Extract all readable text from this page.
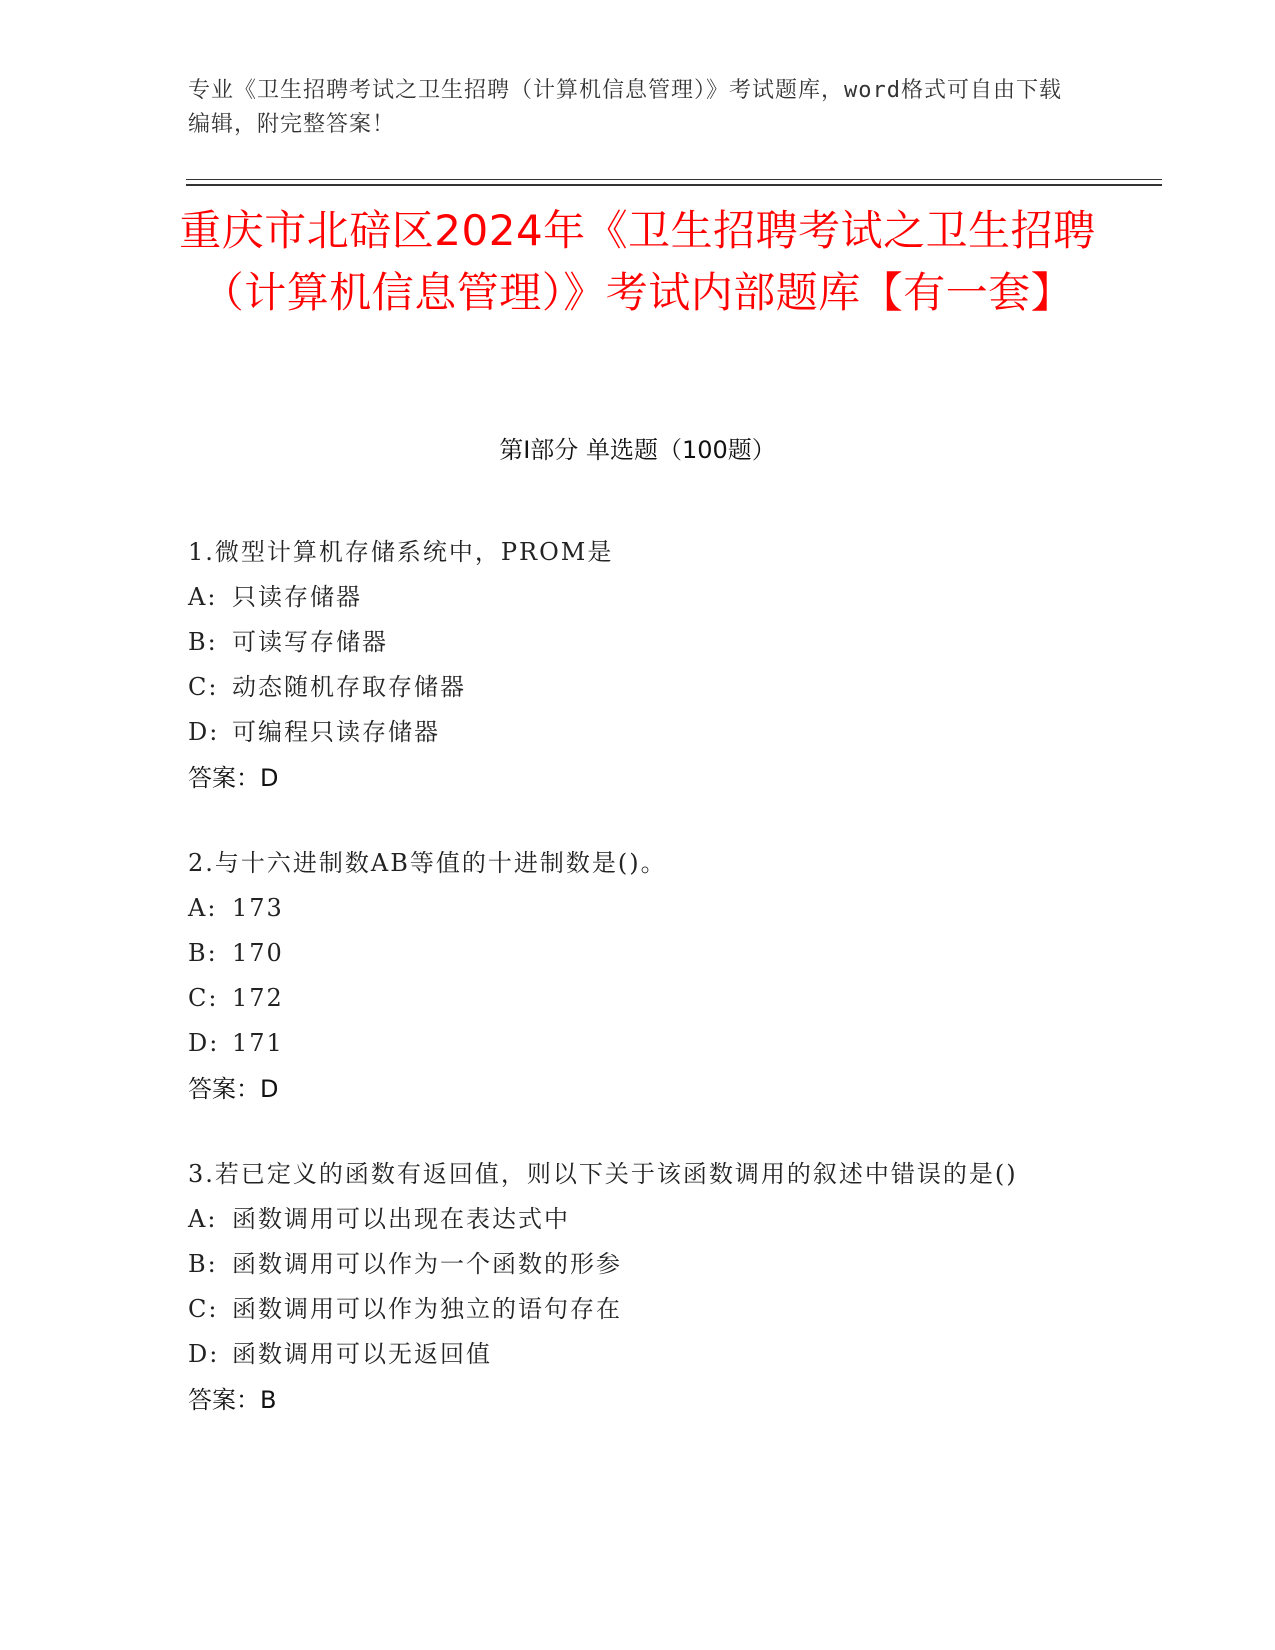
专业《卫生招聘考试之卫生招聘（计算机信息管理）》考试题库，word格式可自由下载编辑，附完整答案！
重庆市北碚区2024年《卫生招聘考试之卫生招聘（计算机信息管理）》考试内部题库【有一套】
第I部分 单选题（100题）
1.微型计算机存储系统中，PROM是
A: 只读存储器
B: 可读写存储器
C: 动态随机存取存储器
D: 可编程只读存储器
答案：D
2.与十六进制数AB等值的十进制数是()。
A: 173
B: 170
C: 172
D: 171
答案：D
3.若已定义的函数有返回值，则以下关于该函数调用的叙述中错误的是()
A: 函数调用可以出现在表达式中
B: 函数调用可以作为一个函数的形参
C: 函数调用可以作为独立的语句存在
D: 函数调用可以无返回值
答案：B
